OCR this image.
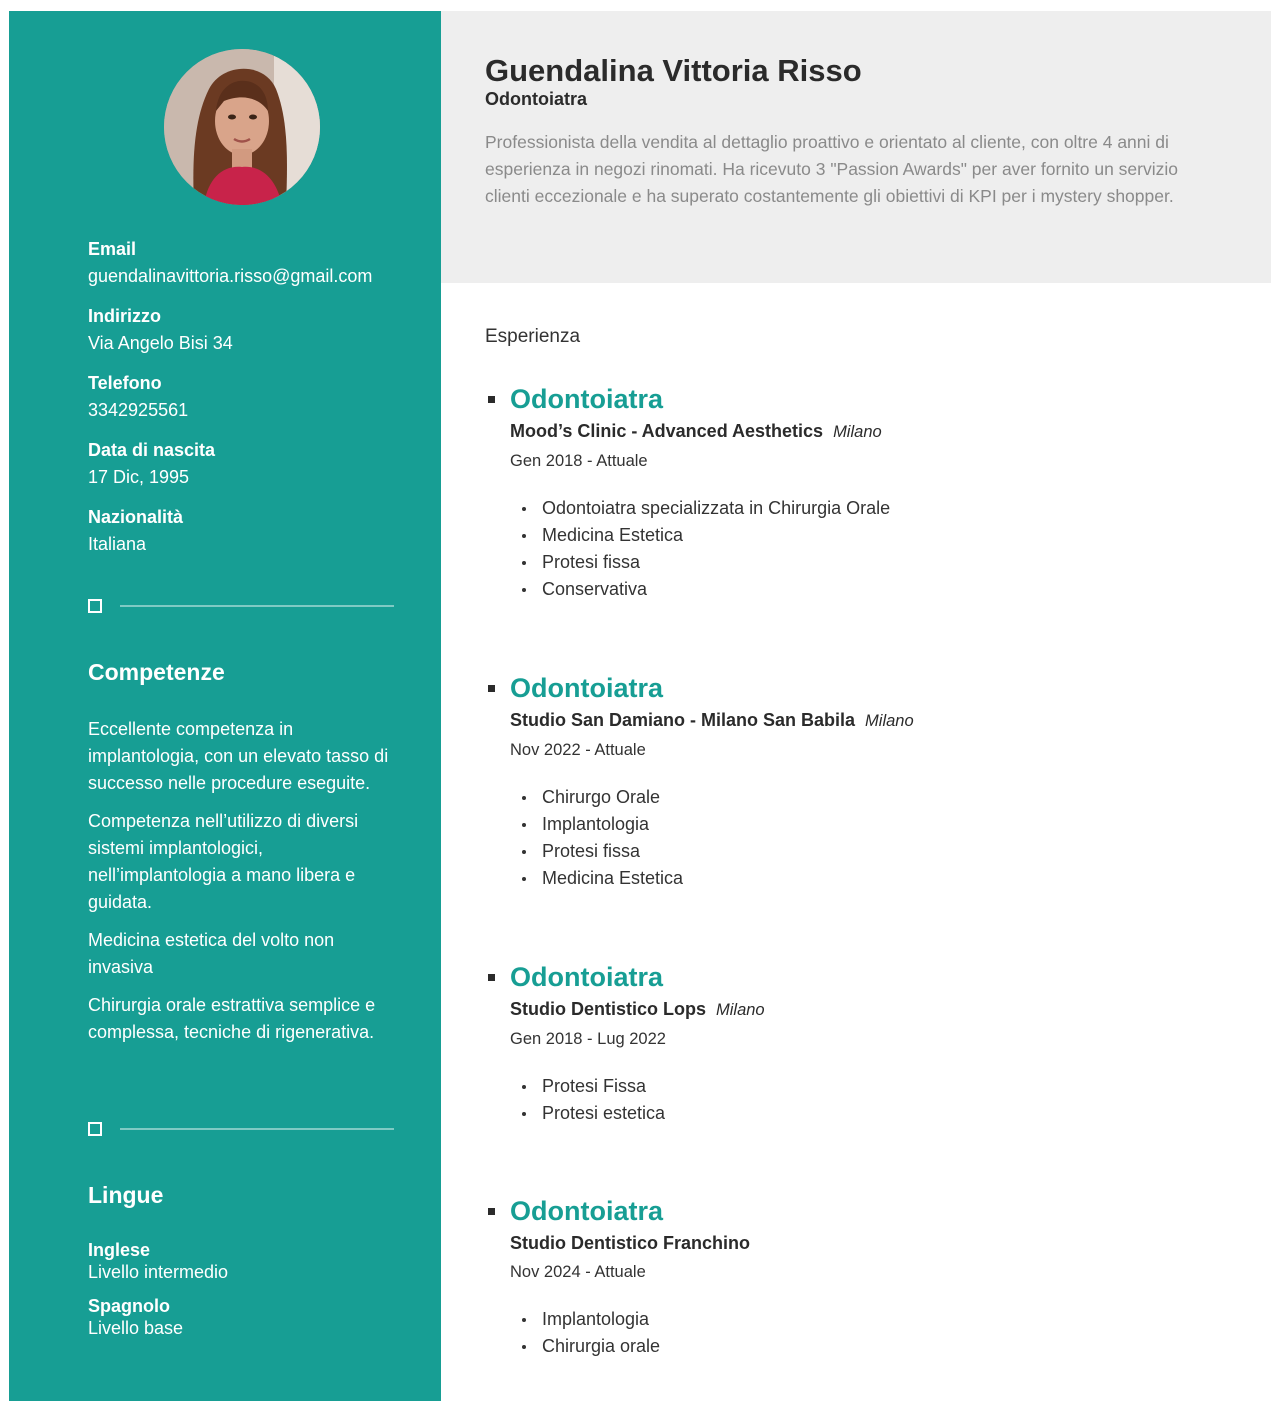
Email
guendalinavittoria.risso@gmail.com
Indirizzo
Via Angelo Bisi 34
Telefono
3342925561
Data di nascita
17 Dic, 1995
Nazionalità
Italiana
Competenze

Eccellente competenza in implantologia, con un elevato tasso di successo nelle procedure eseguite.

Competenza nell’utilizzo di diversi sistemi implantologici, nell’implantologia a mano libera e guidata.

Medicina estetica del volto non invasiva

Chirurgia orale estrattiva semplice e complessa, tecniche di rigenerativa.

Lingue
Inglese
Livello intermedio
Spagnolo
Livello base
Guendalina Vittoria Risso
Odontoiatra
Professionista della vendita al dettaglio proattivo e orientato al cliente, con oltre 4 anni di esperienza in negozi rinomati. Ha ricevuto 3 "Passion Awards" per aver fornito un servizio clienti eccezionale e ha superato costantemente gli obiettivi di KPI per i mystery shopper.
Esperienza
Odontoiatra
Mood’s Clinic - Advanced Aesthetics Milano
Gen 2018 - Attuale
Odontoiatra specializzata in Chirurgia Orale
Medicina Estetica
Protesi fissa
Conservativa
Odontoiatra
Studio San Damiano - Milano San Babila Milano
Nov 2022 - Attuale
Chirurgo Orale
Implantologia
Protesi fissa
Medicina Estetica
Odontoiatra
Studio Dentistico Lops Milano
Gen 2018 - Lug 2022
Protesi Fissa
Protesi estetica
Odontoiatra
Studio Dentistico Franchino
Nov 2024 - Attuale
Implantologia
Chirurgia orale
